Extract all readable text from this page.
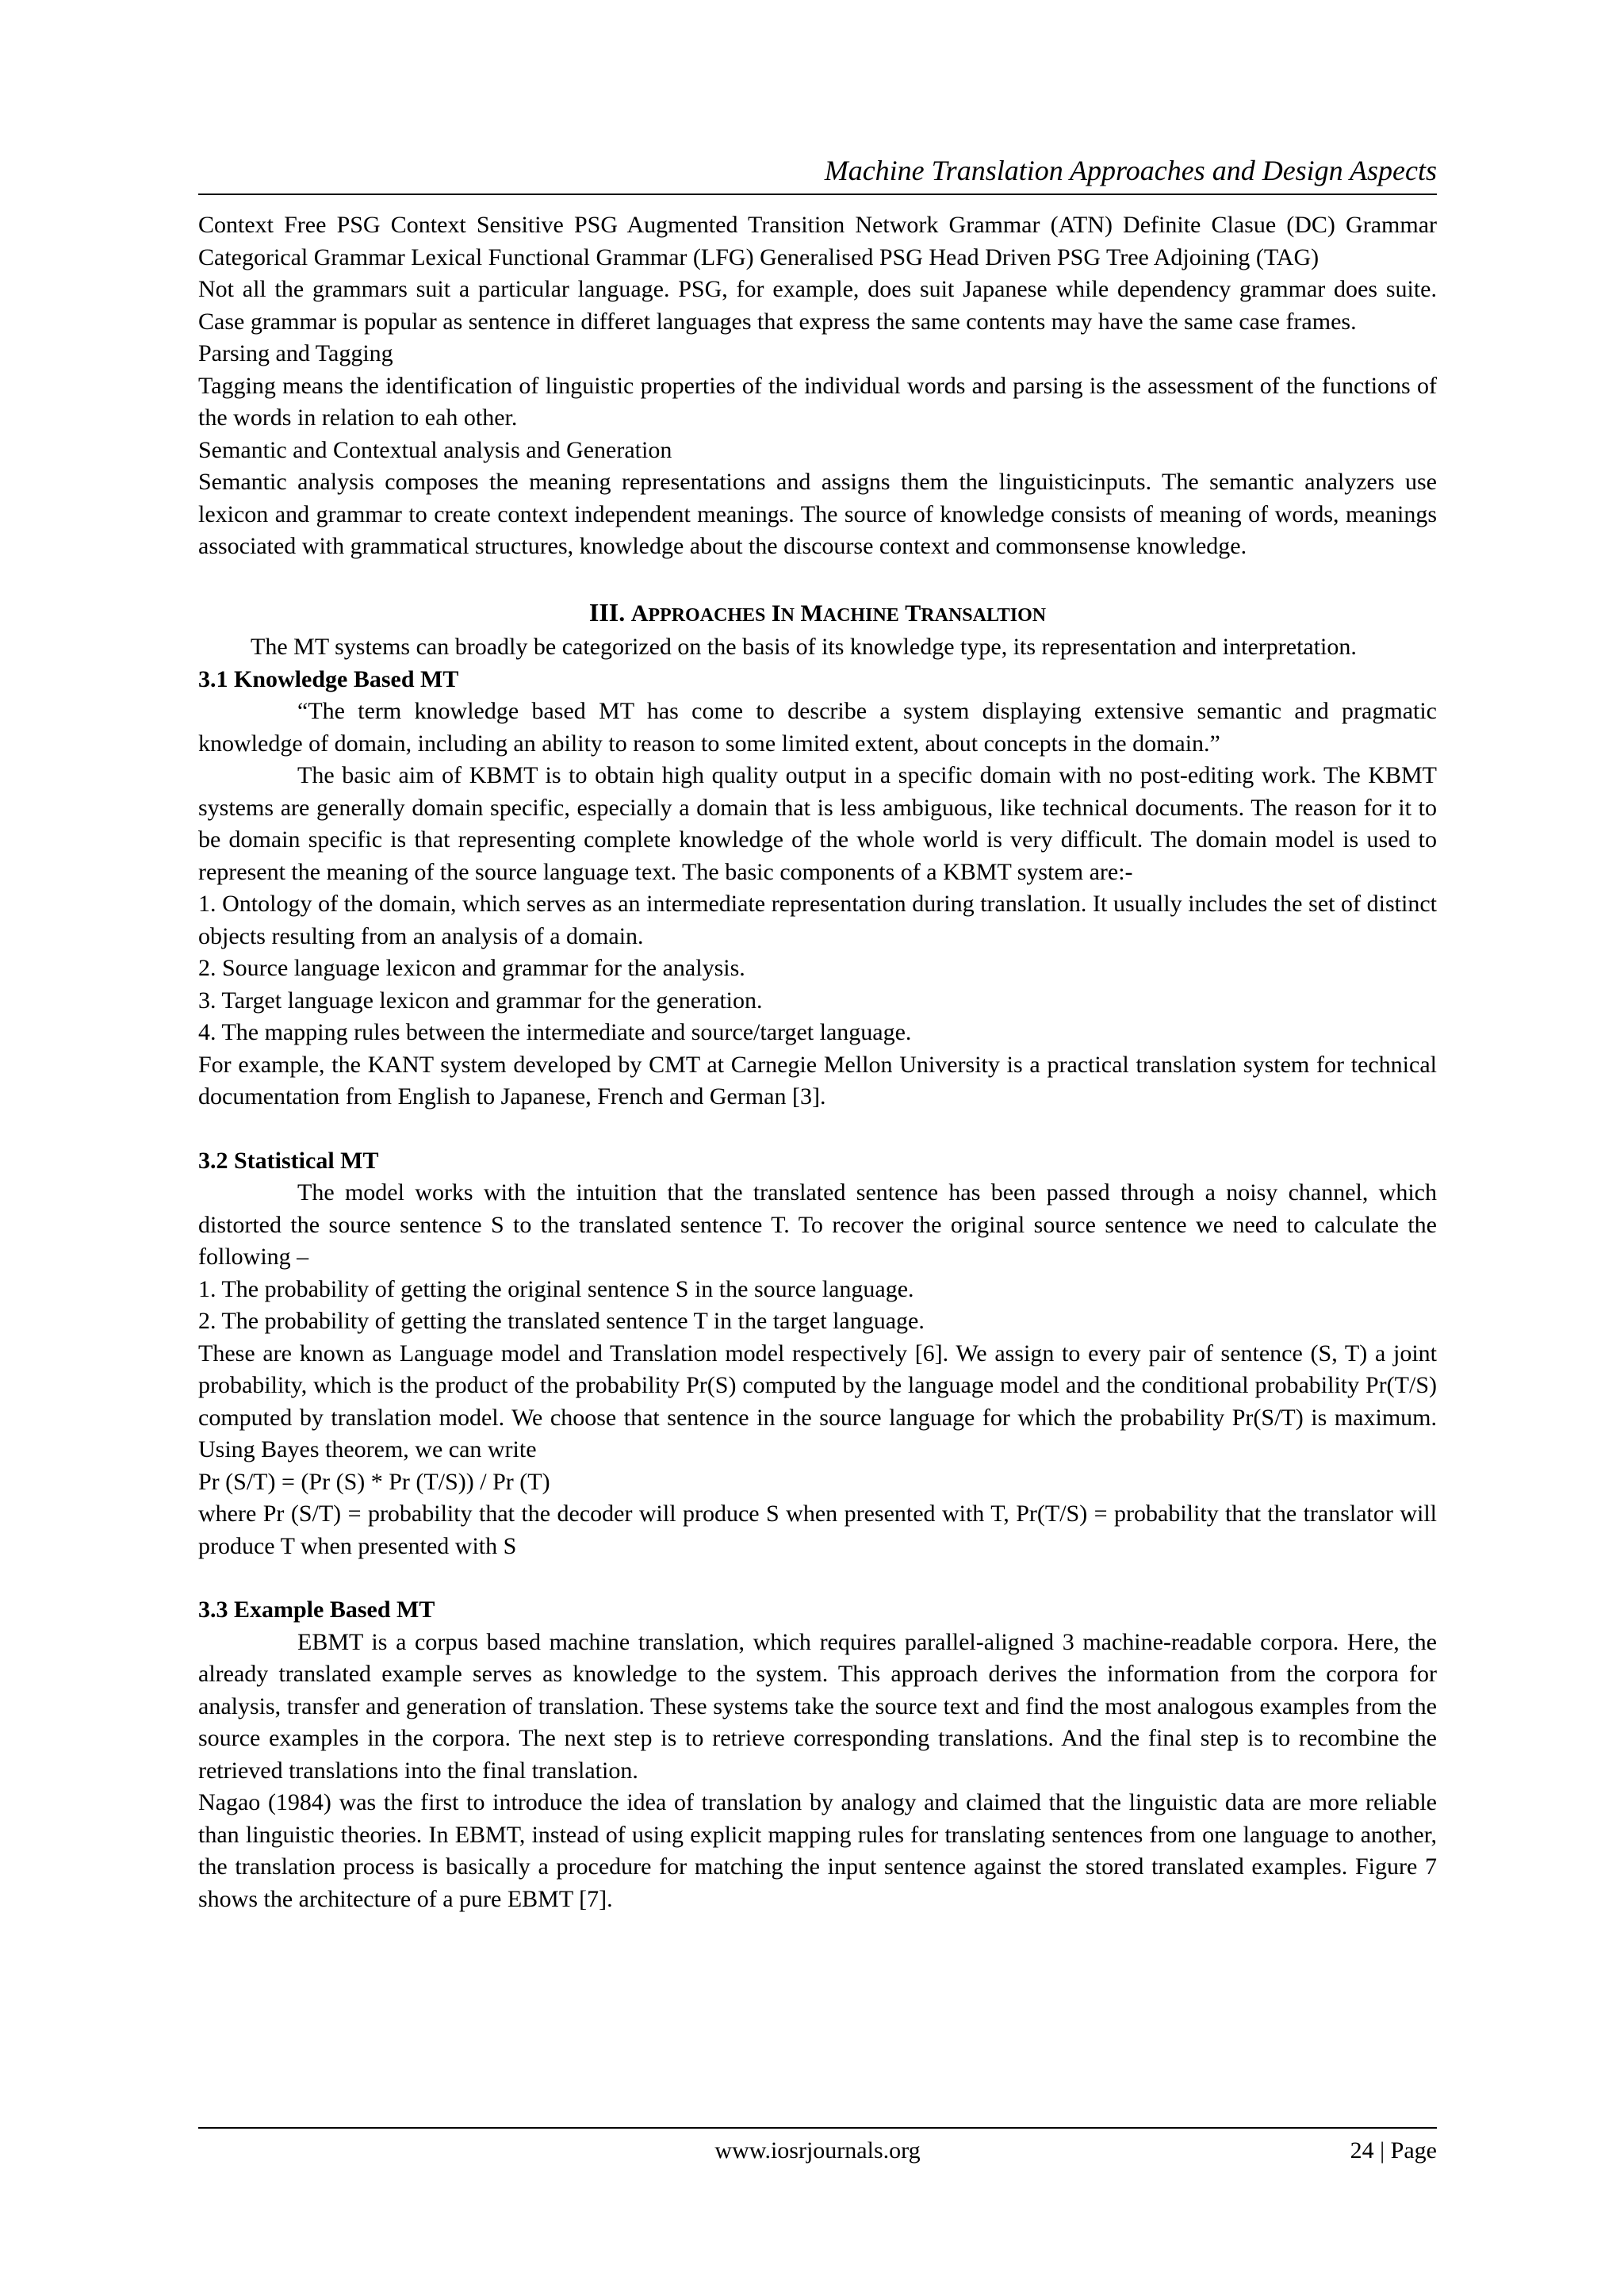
Machine Translation Approaches and Design Aspects

Context Free PSG Context Sensitive PSG Augmented Transition Network Grammar (ATN) Definite Clasue (DC) Grammar Categorical Grammar Lexical Functional Grammar (LFG) Generalised PSG Head Driven PSG Tree Adjoining (TAG)

Not all the grammars suit a particular language. PSG, for example, does suit Japanese while dependency grammar does suite. Case grammar is popular as sentence in differet languages that express the same contents may have the same case frames.

Parsing and Tagging

Tagging means the identification of linguistic properties of the individual words and parsing is the assessment of the functions of the words in relation to eah other.

Semantic and Contextual analysis and Generation

Semantic analysis composes the meaning representations and assigns them the linguisticinputs. The semantic analyzers use lexicon and grammar to create context independent meanings. The source of knowledge consists of meaning of words, meanings associated with grammatical structures, knowledge about the discourse context and commonsense knowledge.

III. APPROACHES IN MACHINE TRANSALTION

The MT systems can broadly be categorized on the basis of its knowledge type, its representation and interpretation.

3.1 Knowledge Based MT

“The term knowledge based MT has come to describe a system displaying extensive semantic and pragmatic knowledge of domain, including an ability to reason to some limited extent, about concepts in the domain.”

The basic aim of KBMT is to obtain high quality output in a specific domain with no post-editing work. The KBMT systems are generally domain specific, especially a domain that is less ambiguous, like technical documents. The reason for it to be domain specific is that representing complete knowledge of the whole world is very difficult. The domain model is used to represent the meaning of the source language text. The basic components of a KBMT system are:-

1. Ontology of the domain, which serves as an intermediate representation during translation. It usually includes the set of distinct objects resulting from an analysis of a domain.

2. Source language lexicon and grammar for the analysis.

3. Target language lexicon and grammar for the generation.

4. The mapping rules between the intermediate and source/target language.

For example, the KANT system developed by CMT at Carnegie Mellon University is a practical translation system for technical documentation from English to Japanese, French and German [3].

3.2 Statistical MT

The model works with the intuition that the translated sentence has been passed through a noisy channel, which distorted the source sentence S to the translated sentence T. To recover the original source sentence we need to calculate the following –

1. The probability of getting the original sentence S in the source language.

2. The probability of getting the translated sentence T in the target language.

These are known as Language model and Translation model respectively [6]. We assign to every pair of sentence (S, T) a joint probability, which is the product of the probability Pr(S) computed by the language model and the conditional probability Pr(T/S) computed by translation model. We choose that sentence in the source language for which the probability Pr(S/T) is maximum. Using Bayes theorem, we can write

Pr (S/T) = (Pr (S) * Pr (T/S)) / Pr (T)

where Pr (S/T) = probability that the decoder will produce S when presented with T, Pr(T/S) = probability that the translator will produce T when presented with S

3.3 Example Based MT

EBMT is a corpus based machine translation, which requires parallel-aligned 3 machine-readable corpora. Here, the already translated example serves as knowledge to the system. This approach derives the information from the corpora for analysis, transfer and generation of translation. These systems take the source text and find the most analogous examples from the source examples in the corpora. The next step is to retrieve corresponding translations. And the final step is to recombine the retrieved translations into the final translation.

Nagao (1984) was the first to introduce the idea of translation by analogy and claimed that the linguistic data are more reliable than linguistic theories. In EBMT, instead of using explicit mapping rules for translating sentences from one language to another, the translation process is basically a procedure for matching the input sentence against the stored translated examples. Figure 7 shows the architecture of a pure EBMT [7].

www.iosrjournals.org	24 | Page
